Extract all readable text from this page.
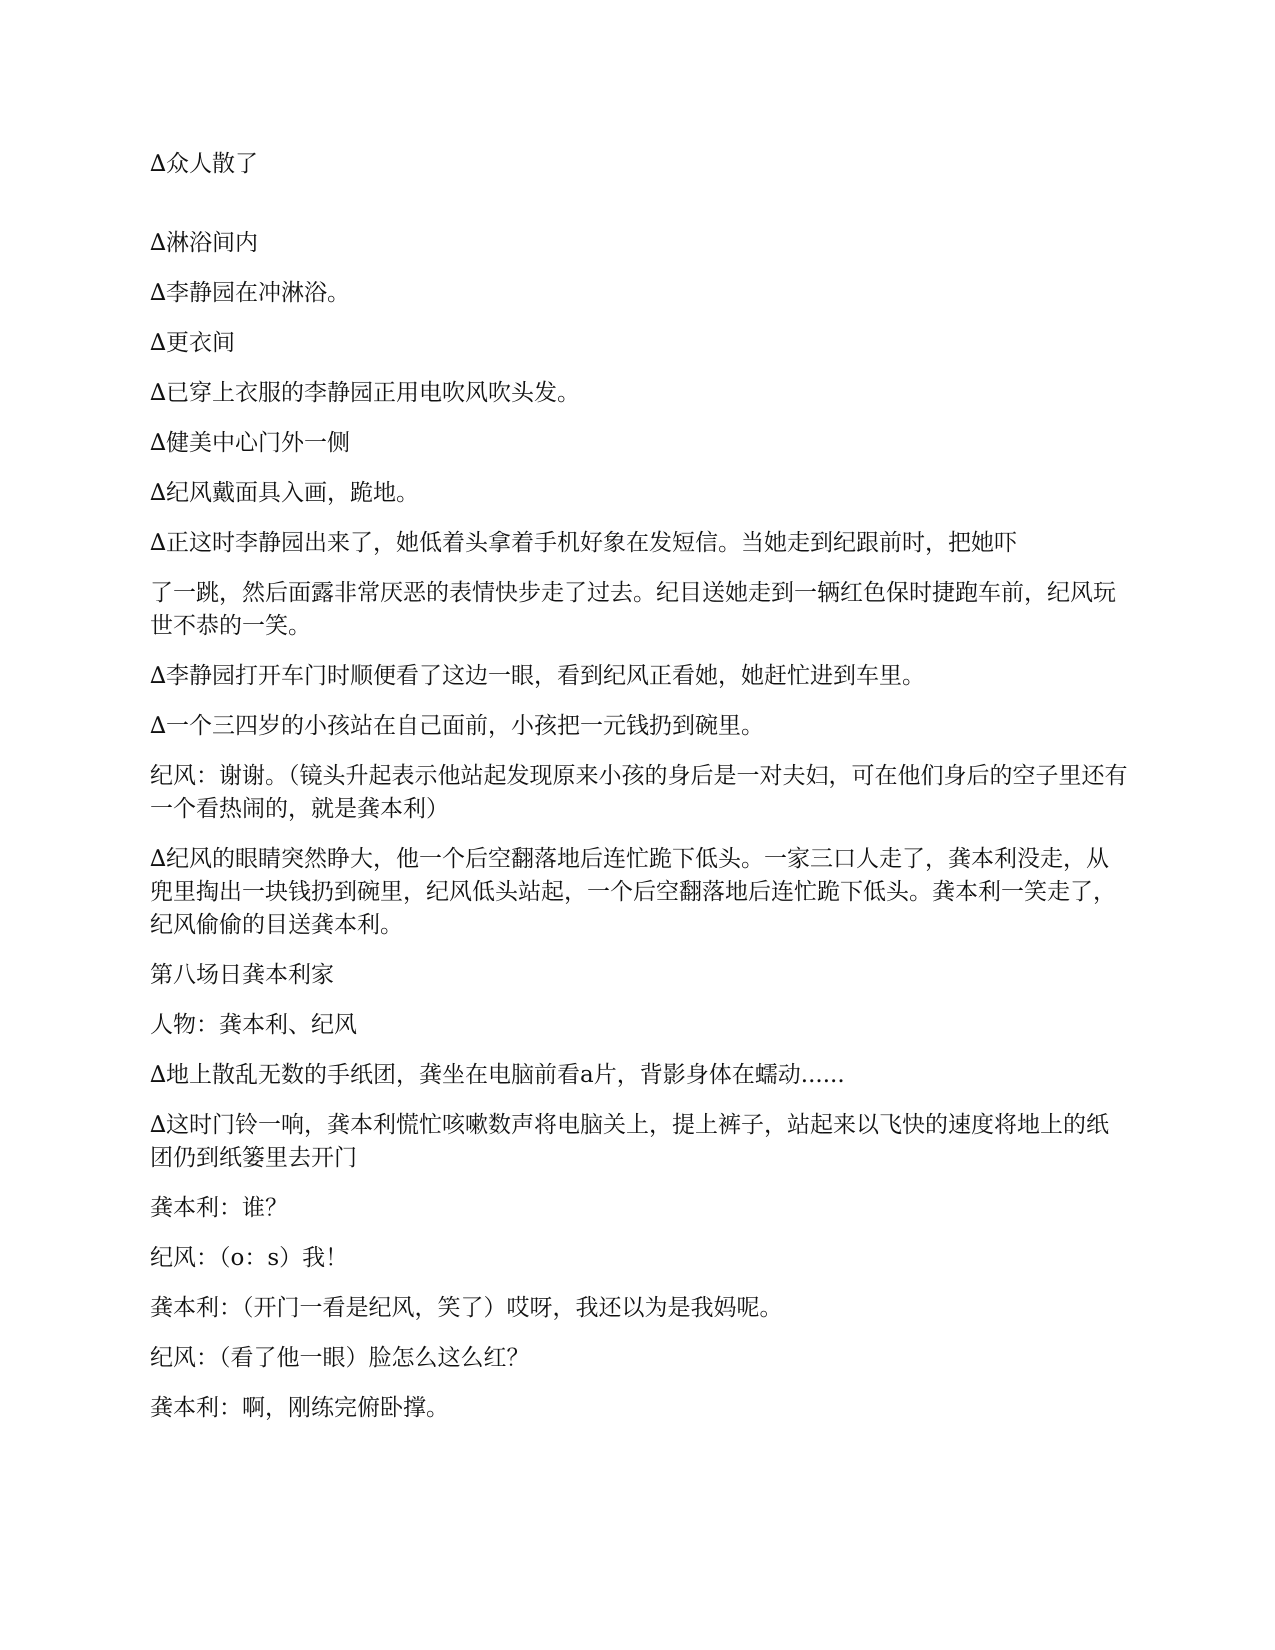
∆众人散了

∆淋浴间内

∆李静园在冲淋浴。

∆更衣间

∆已穿上衣服的李静园正用电吹风吹头发。

∆健美中心门外一侧

∆纪风戴面具入画，跪地。

∆正这时李静园出来了，她低着头拿着手机好象在发短信。当她走到纪跟前时，把她吓

了一跳，然后面露非常厌恶的表情快步走了过去。纪目送她走到一辆红色保时捷跑车前，纪风玩世不恭的一笑。

∆李静园打开车门时顺便看了这边一眼，看到纪风正看她，她赶忙进到车里。

∆一个三四岁的小孩站在自己面前，小孩把一元钱扔到碗里。

纪风：谢谢。（镜头升起表示他站起发现原来小孩的身后是一对夫妇，可在他们身后的空子里还有一个看热闹的，就是龚本利）

∆纪风的眼睛突然睁大，他一个后空翻落地后连忙跪下低头。一家三口人走了，龚本利没走，从兜里掏出一块钱扔到碗里，纪风低头站起，一个后空翻落地后连忙跪下低头。龚本利一笑走了，纪风偷偷的目送龚本利。

第八场日龚本利家

人物：龚本利、纪风

∆地上散乱无数的手纸团，龚坐在电脑前看a片，背影身体在蠕动......

∆这时门铃一响，龚本利慌忙咳嗽数声将电脑关上，提上裤子，站起来以飞快的速度将地上的纸团仍到纸篓里去开门

龚本利：谁？

纪风：（o：s）我！

龚本利：（开门一看是纪风，笑了）哎呀，我还以为是我妈呢。

纪风：（看了他一眼）脸怎么这么红？

龚本利：啊，刚练完俯卧撑。
